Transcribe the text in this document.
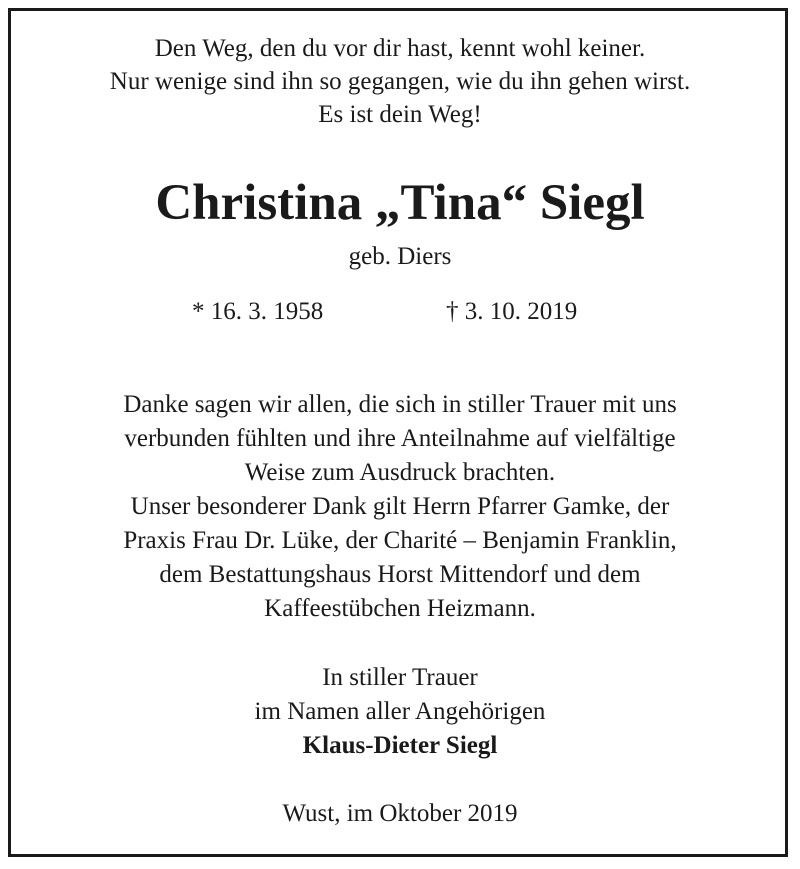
Den Weg, den du vor dir hast, kennt wohl keiner.
Nur wenige sind ihn so gegangen, wie du ihn gehen wirst.
Es ist dein Weg!
Christina „Tina“ Siegl
geb. Diers
* 16. 3. 1958	† 3. 10. 2019
Danke sagen wir allen, die sich in stiller Trauer mit uns
verbunden fühlten und ihre Anteilnahme auf vielfältige
Weise zum Ausdruck brachten.
Unser besonderer Dank gilt Herrn Pfarrer Gamke, der
Praxis Frau Dr. Lüke, der Charité – Benjamin Franklin,
dem Bestattungshaus Horst Mittendorf und dem
Kaffeestübchen Heizmann.
In stiller Trauer
im Namen aller Angehörigen
Klaus-Dieter Siegl
Wust, im Oktober 2019
